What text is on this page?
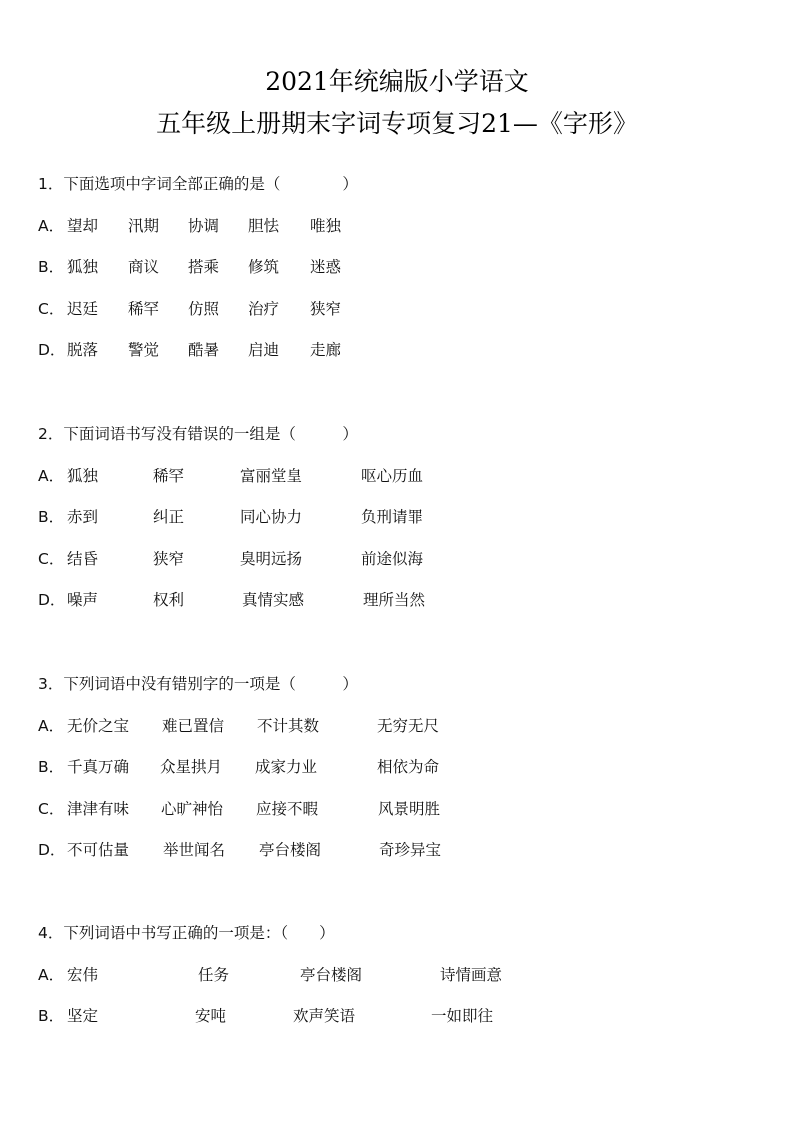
2021年统编版小学语文
五年级上册期末字词专项复习21—《字形》
1．下面选项中字词全部正确的是（　　　　）
A． 望却 汛期 协调 胆怯 唯独
B． 狐独 商议 搭乘 修筑 迷惑
C． 迟廷 稀罕 仿照 治疗 狭窄
D． 脱落 警觉 酷暑 启迪 走廊
2．下面词语书写没有错误的一组是（　　　）
A． 狐独	稀罕	富丽堂皇	呕心历血
B． 赤到	纠正	同心协力	负刑请罪
C． 结昏	狭窄	臭明远扬	前途似海
D． 噪声	权利	真情实感	理所当然
3．下列词语中没有错别字的一项是（　　　）
A． 无价之宝 难已置信 不计其数	无穷无尺
B． 千真万确 众星拱月 成家力业	相依为命
C． 津津有味 心旷神怡 应接不暇	风景明胜
D． 不可估量 举世闻名 亭台楼阁	奇珍异宝
4．下列词语中书写正确的一项是：（　　）
A． 宏伟	任务	亭台楼阁	诗情画意
B． 坚定	安吨	欢声笑语	一如即往
